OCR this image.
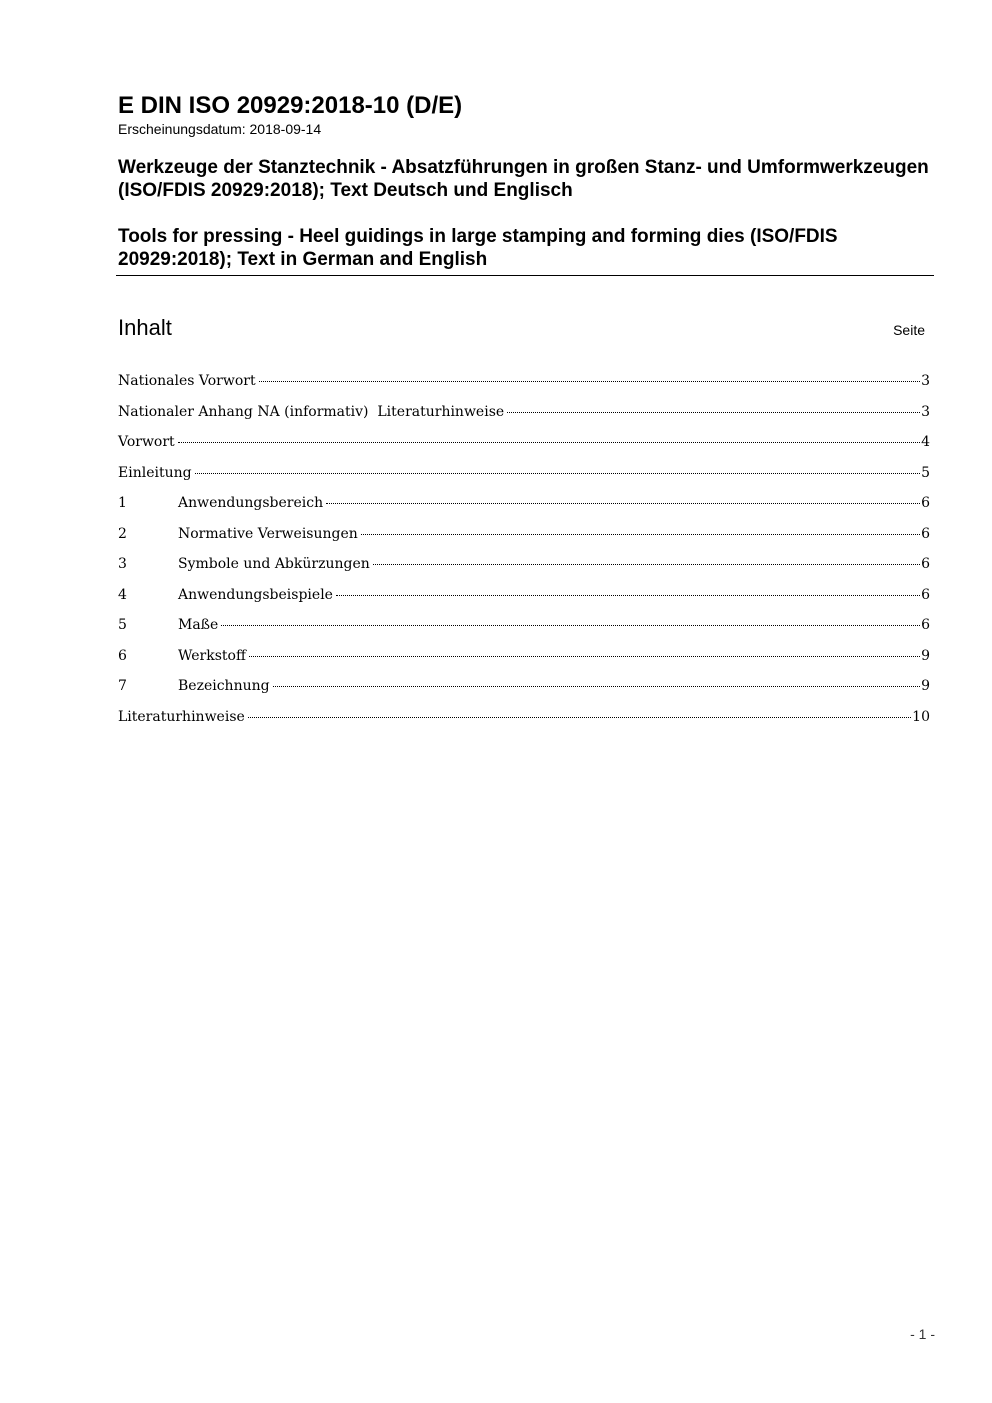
E DIN ISO 20929:2018-10 (D/E)

Erscheinungsdatum: 2018-09-14

Werkzeuge der Stanztechnik - Absatzführungen in großen Stanz- und Umformwerkzeugen (ISO/FDIS 20929:2018); Text Deutsch und Englisch

Tools for pressing - Heel guidings in large stamping and forming dies (ISO/FDIS 20929:2018); Text in German and English

Inhalt	Seite
Nationales Vorwort	3
Nationaler Anhang NA (informativ)  Literaturhinweise	3
Vorwort	4
Einleitung	5
1	Anwendungsbereich	6
2	Normative Verweisungen	6
3	Symbole und Abkürzungen	6
4	Anwendungsbeispiele	6
5	Maße	6
6	Werkstoff	9
7	Bezeichnung	9
Literaturhinweise	10
- 1 -
